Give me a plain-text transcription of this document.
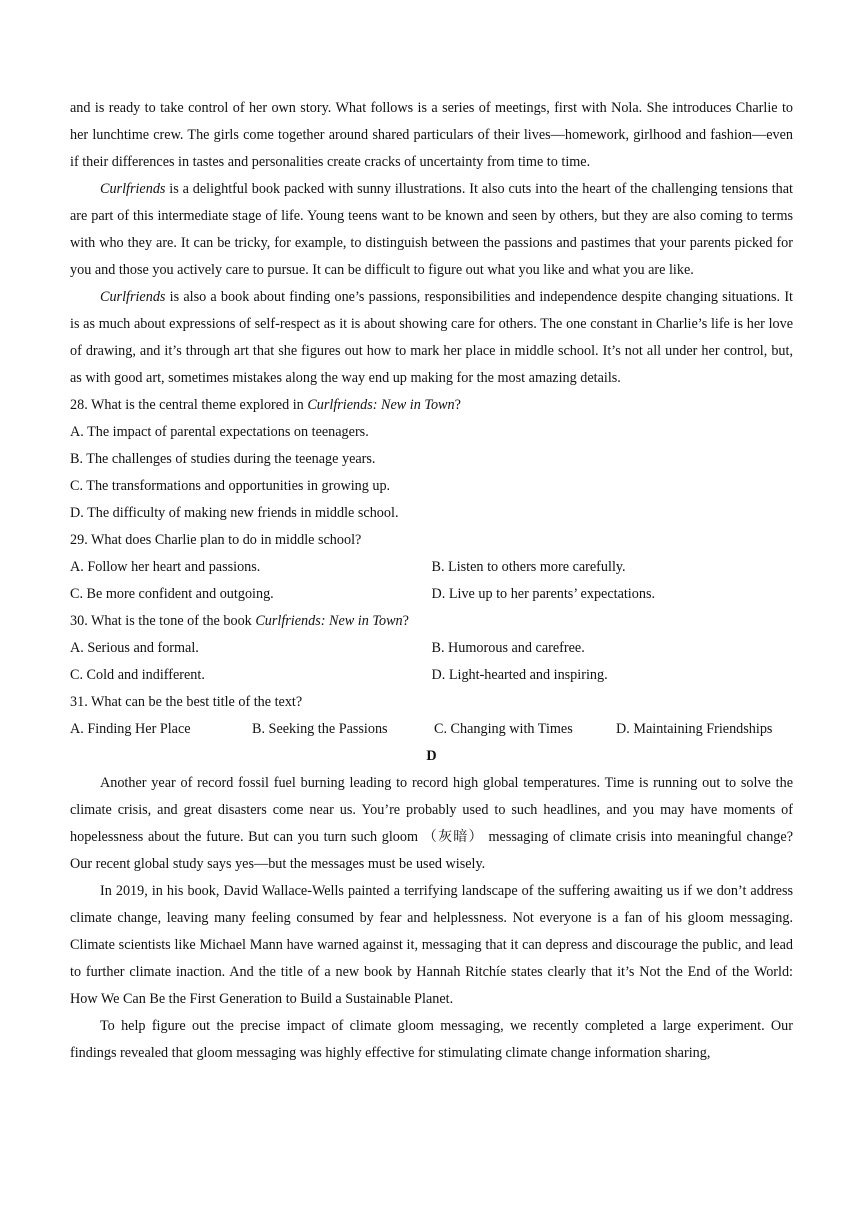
and is ready to take control of her own story. What follows is a series of meetings, first with Nola. She introduces Charlie to her lunchtime crew. The girls come together around shared particulars of their lives—homework, girlhood and fashion—even if their differences in tastes and personalities create cracks of uncertainty from time to time.

Curlfriends is a delightful book packed with sunny illustrations. It also cuts into the heart of the challenging tensions that are part of this intermediate stage of life. Young teens want to be known and seen by others, but they are also coming to terms with who they are. It can be tricky, for example, to distinguish between the passions and pastimes that your parents picked for you and those you actively care to pursue. It can be difficult to figure out what you like and what you are like.

Curlfriends is also a book about finding one’s passions, responsibilities and independence despite changing situations. It is as much about expressions of self-respect as it is about showing care for others. The one constant in Charlie’s life is her love of drawing, and it’s through art that she figures out how to mark her place in middle school. It’s not all under her control, but, as with good art, sometimes mistakes along the way end up making for the most amazing details.

28. What is the central theme explored in Curlfriends: New in Town?

A. The impact of parental expectations on teenagers.

B. The challenges of studies during the teenage years.

C. The transformations and opportunities in growing up.

D. The difficulty of making new friends in middle school.

29. What does Charlie plan to do in middle school?

A. Follow her heart and passions.	B. Listen to others more carefully.
C. Be more confident and outgoing.	D. Live up to her parents’ expectations.

30. What is the tone of the book Curlfriends: New in Town?

A. Serious and formal.	B. Humorous and carefree.
C. Cold and indifferent.	D. Light-hearted and inspiring.

31. What can be the best title of the text?

A. Finding Her Place	B. Seeking the Passions	C. Changing with Times	D. Maintaining Friendships

D

Another year of record fossil fuel burning leading to record high global temperatures. Time is running out to solve the climate crisis, and great disasters come near us. You’re probably used to such headlines, and you may have moments of hopelessness about the future. But can you turn such gloom （灰暗） messaging of climate crisis into meaningful change? Our recent global study says yes—but the messages must be used wisely.

In 2019, in his book, David Wallace-Wells painted a terrifying landscape of the suffering awaiting us if we don’t address climate change, leaving many feeling consumed by fear and helplessness. Not everyone is a fan of his gloom messaging. Climate scientists like Michael Mann have warned against it, messaging that it can depress and discourage the public, and lead to further climate inaction. And the title of a new book by Hannah Ritchíe states clearly that it’s Not the End of the World: How We Can Be the First Generation to Build a Sustainable Planet.

To help figure out the precise impact of climate gloom messaging, we recently completed a large experiment. Our findings revealed that gloom messaging was highly effective for stimulating climate change information sharing,
